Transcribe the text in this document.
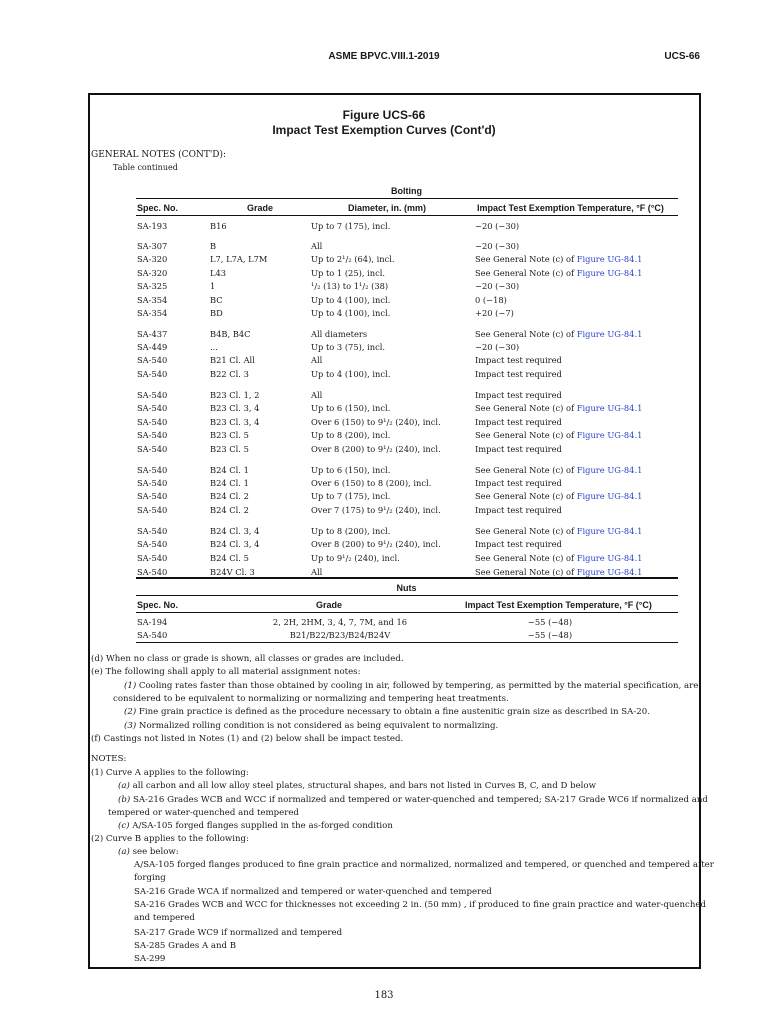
ASME BPVC.VIII.1-2019	UCS-66
Figure UCS-66
Impact Test Exemption Curves (Cont'd)
GENERAL NOTES (CONT'D):
Table continued
Bolting
Spec. No.	Grade	Diameter, in. (mm)	Impact Test Exemption Temperature, °F (°C)
SA-193	B16	Up to 7 (175), incl.	−20 (−30)
SA-307	B	All	−20 (−30)
SA-320	L7, L7A, L7M	Up to 2¹/₂ (64), incl.	See General Note (c) of Figure UG-84.1
SA-320	L43	Up to 1 (25), incl.	See General Note (c) of Figure UG-84.1
SA-325	1	¹/₂ (13) to 1¹/₂ (38)	−20 (−30)
SA-354	BC	Up to 4 (100), incl.	0 (−18)
SA-354	BD	Up to 4 (100), incl.	+20 (−7)
SA-437	B4B, B4C	All diameters	See General Note (c) of Figure UG-84.1
SA-449	...	Up to 3 (75), incl.	−20 (−30)
SA-540	B21 Cl. All	All	Impact test required
SA-540	B22 Cl. 3	Up to 4 (100), incl.	Impact test required
SA-540	B23 Cl. 1, 2	All	Impact test required
SA-540	B23 Cl. 3, 4	Up to 6 (150), incl.	See General Note (c) of Figure UG-84.1
SA-540	B23 Cl. 3, 4	Over 6 (150) to 9¹/₂ (240), incl.	Impact test required
SA-540	B23 Cl. 5	Up to 8 (200), incl.	See General Note (c) of Figure UG-84.1
SA-540	B23 Cl. 5	Over 8 (200) to 9¹/₂ (240), incl.	Impact test required
SA-540	B24 Cl. 1	Up to 6 (150), incl.	See General Note (c) of Figure UG-84.1
SA-540	B24 Cl. 1	Over 6 (150) to 8 (200), incl.	Impact test required
SA-540	B24 Cl. 2	Up to 7 (175), incl.	See General Note (c) of Figure UG-84.1
SA-540	B24 Cl. 2	Over 7 (175) to 9¹/₂ (240), incl.	Impact test required
SA-540	B24 Cl. 3, 4	Up to 8 (200), incl.	See General Note (c) of Figure UG-84.1
SA-540	B24 Cl. 3, 4	Over 8 (200) to 9¹/₂ (240), incl.	Impact test required
SA-540	B24 Cl. 5	Up to 9¹/₂ (240), incl.	See General Note (c) of Figure UG-84.1
SA-540	B24V Cl. 3	All	See General Note (c) of Figure UG-84.1
Nuts
Spec. No.	Grade	Impact Test Exemption Temperature, °F (°C)
SA-194	2, 2H, 2HM, 3, 4, 7, 7M, and 16	−55 (−48)
SA-540	B21/B22/B23/B24/B24V	−55 (−48)
(d) When no class or grade is shown, all classes or grades are included.
(e) The following shall apply to all material assignment notes:
(1) Cooling rates faster than those obtained by cooling in air, followed by tempering, as permitted by the material specification, are
considered to be equivalent to normalizing or normalizing and tempering heat treatments.
(2) Fine grain practice is defined as the procedure necessary to obtain a fine austenitic grain size as described in SA-20.
(3) Normalized rolling condition is not considered as being equivalent to normalizing.
(f) Castings not listed in Notes (1) and (2) below shall be impact tested.
NOTES:
(1) Curve A applies to the following:
(a) all carbon and all low alloy steel plates, structural shapes, and bars not listed in Curves B, C, and D below
(b) SA-216 Grades WCB and WCC if normalized and tempered or water-quenched and tempered; SA-217 Grade WC6 if normalized and
tempered or water-quenched and tempered
(c) A/SA-105 forged flanges supplied in the as-forged condition
(2) Curve B applies to the following:
(a) see below:
A/SA-105 forged flanges produced to fine grain practice and normalized, normalized and tempered, or quenched and tempered after
forging
SA-216 Grade WCA if normalized and tempered or water-quenched and tempered
SA-216 Grades WCB and WCC for thicknesses not exceeding 2 in. (50 mm) , if produced to fine grain practice and water-quenched
and tempered
SA-217 Grade WC9 if normalized and tempered
SA-285 Grades A and B
SA-299
183
